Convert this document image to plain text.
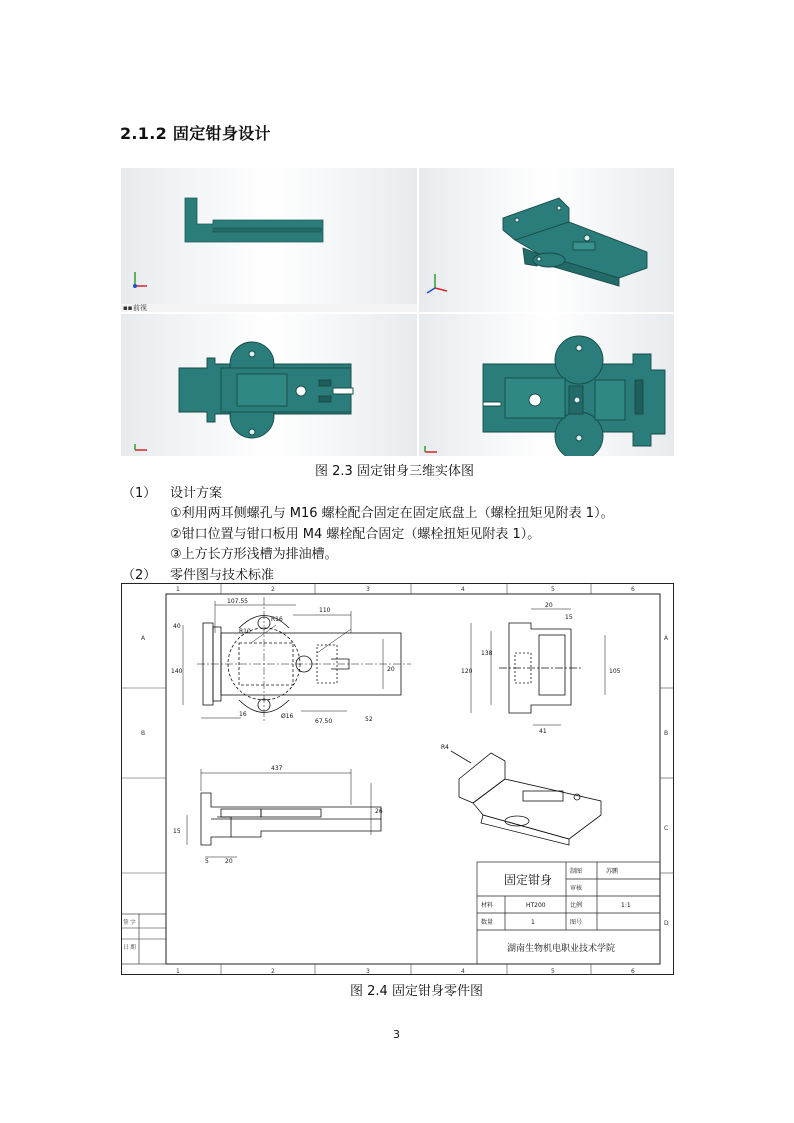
2.1.2 固定钳身设计
▪▪ 前视
图 2.3 固定钳身三维实体图
（1） 设计方案
①利用两耳侧螺孔与 M16 螺栓配合固定在固定底盘上（螺栓扭矩见附表 1）。
②钳口位置与钳口板用 M4 螺栓配合固定（螺栓扭矩见附表 1）。
③上方长方形浅槽为排油槽。
（2） 零件图与技术标准
1	2	3	4	5	6
1	2	3	4	5	6
A
B
A
B
C
D
签 字
日 期
107.55
110
40
R10
R16
140
Ø16
67.50	52
20
16
437
26
15
5	20
20
15
120
138
105
41
R4
固定钳身
制图	苏鹏
审核
材料	HT200	比例	1:1
数量	1	图号
湖南生物机电职业技术学院
图 2.4 固定钳身零件图
3
